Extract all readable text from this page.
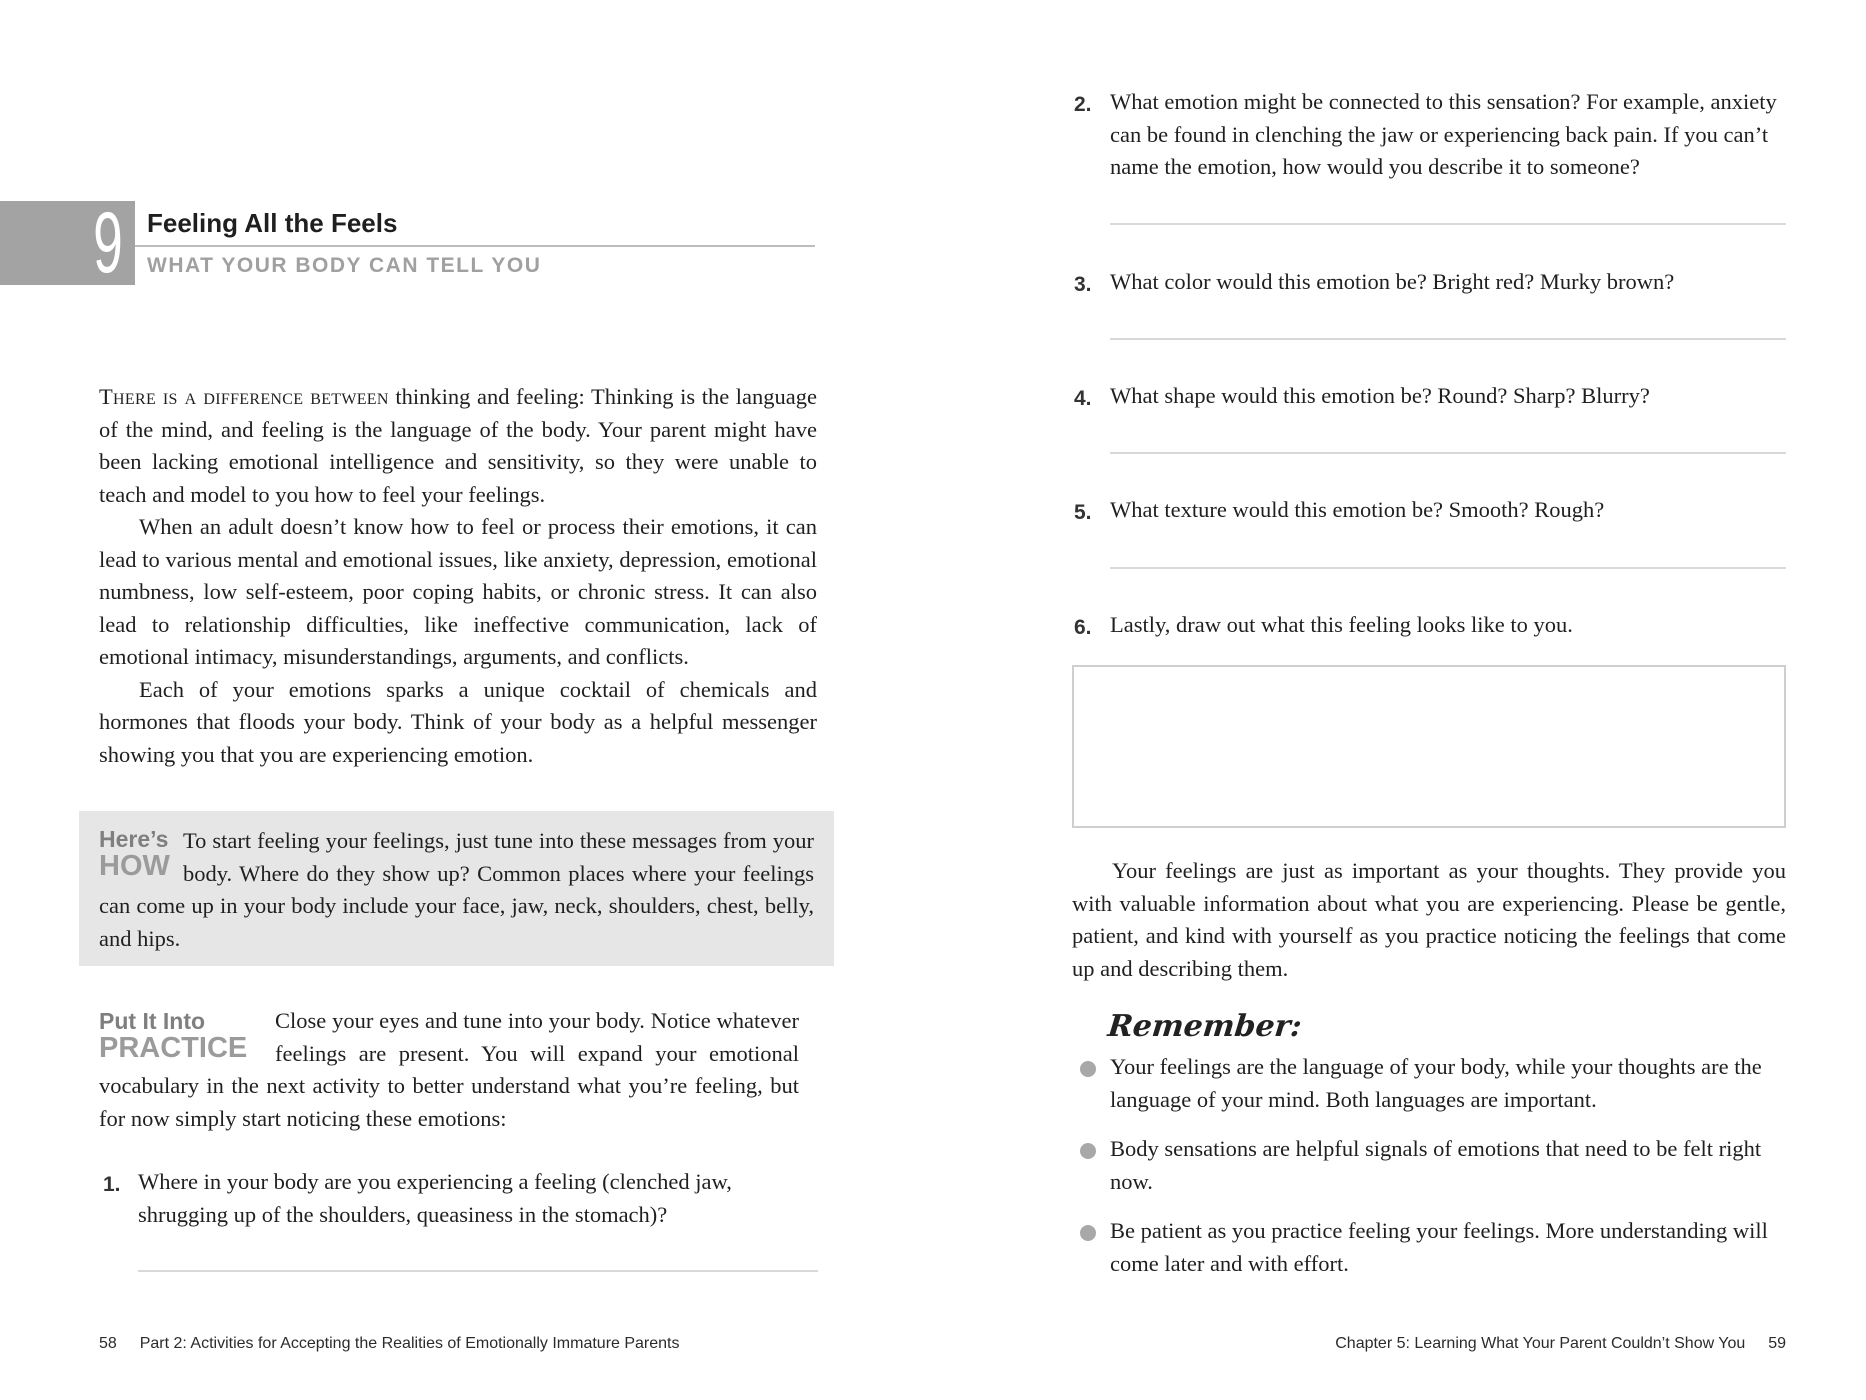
9 Feeling All the Feels
WHAT YOUR BODY CAN TELL YOU

There is a difference between thinking and feeling: Thinking is the language of the mind, and feeling is the language of the body. Your parent might have been lacking emotional intelligence and sensitivity, so they were unable to teach and model to you how to feel your feelings.

When an adult doesn’t know how to feel or process their emotions, it can lead to various mental and emotional issues, like anxiety, depression, emotional numbness, low self-esteem, poor coping habits, or chronic stress. It can also lead to relationship difficulties, like ineffective communication, lack of emotional intimacy, misunderstandings, arguments, and conflicts.

Each of your emotions sparks a unique cocktail of chemicals and hormones that floods your body. Think of your body as a helpful messenger showing you that you are experiencing emotion.

Here’s
HOW
To start feeling your feelings, just tune into these messages from your body. Where do they show up? Common places where your feelings can come up in your body include your face, jaw, neck, shoulders, chest, belly, and hips.
Put It Into
PRACTICE
Close your eyes and tune into your body. Notice whatever feelings are present. You will expand your emotional vocabulary in the next activity to better understand what you’re feeling, but for now simply start noticing these emotions:
1. Where in your body are you experiencing a feeling (clenched jaw, shrugging up of the shoulders, queasiness in the stomach)?
58 Part 2: Activities for Accepting the Realities of Emotionally Immature Parents
2. What emotion might be connected to this sensation? For example, anxiety can be found in clenching the jaw or experiencing back pain. If you can’t name the emotion, how would you describe it to someone?
3. What color would this emotion be? Bright red? Murky brown?
4. What shape would this emotion be? Round? Sharp? Blurry?
5. What texture would this emotion be? Smooth? Rough?
6. Lastly, draw out what this feeling looks like to you.

Your feelings are just as important as your thoughts. They provide you with valuable information about what you are experiencing. Please be gentle, patient, and kind with yourself as you practice noticing the feelings that come up and describing them.

Remember:
Your feelings are the language of your body, while your thoughts are the language of your mind. Both languages are important.
Body sensations are helpful signals of emotions that need to be felt right now.
Be patient as you practice feeling your feelings. More understanding will come later and with effort.
Chapter 5: Learning What Your Parent Couldn’t Show You 59
